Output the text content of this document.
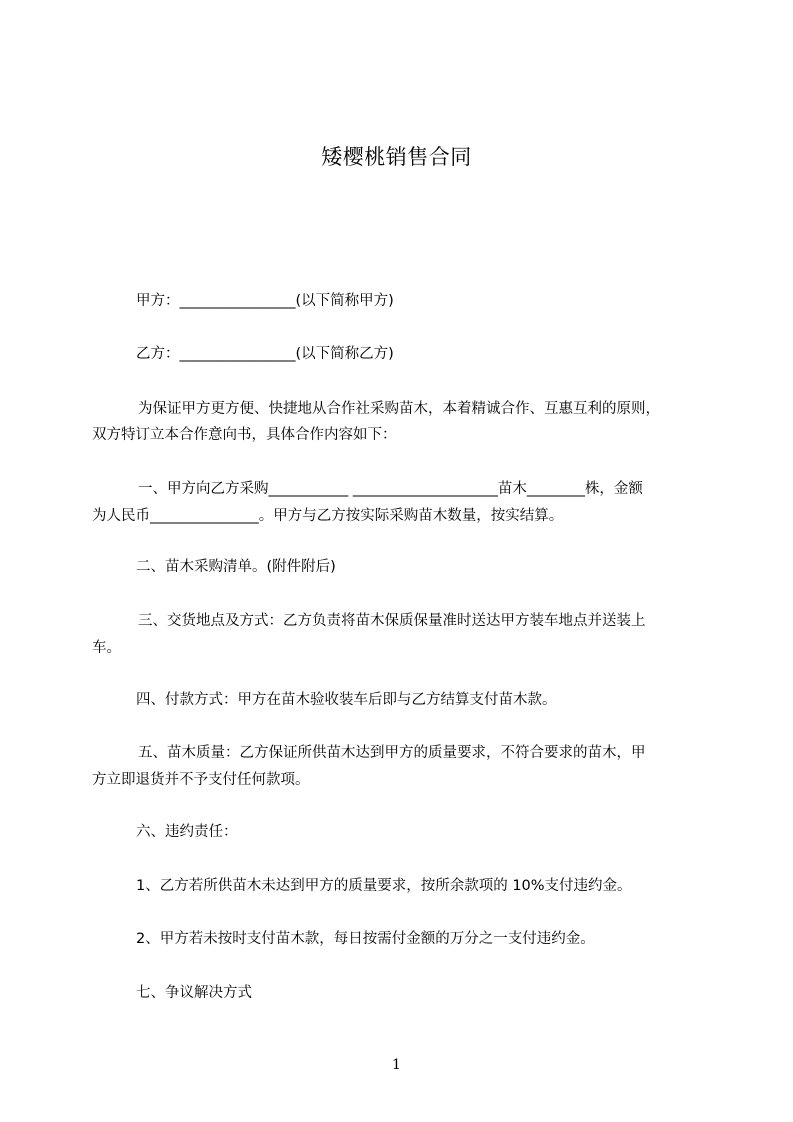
矮樱桃销售合同
甲方：________________(以下简称甲方)
乙方：________________(以下简称乙方)
为保证甲方更方便、快捷地从合作社采购苗木，本着精诚合作、互惠互利的原则，
双方特订立本合作意向书，具体合作内容如下：
一、甲方向乙方采购___________ ____________________苗木________株，金额
为人民币_______________。甲方与乙方按实际采购苗木数量，按实结算。
二、苗木采购清单。(附件附后)
三、交货地点及方式：乙方负责将苗木保质保量准时送达甲方装车地点并送装上
车。
四、付款方式：甲方在苗木验收装车后即与乙方结算支付苗木款。
五、苗木质量：乙方保证所供苗木达到甲方的质量要求，不符合要求的苗木，甲
方立即退货并不予支付任何款项。
六、违约责任：
1、乙方若所供苗木未达到甲方的质量要求，按所余款项的 10%支付违约金。
2、甲方若未按时支付苗木款，每日按需付金额的万分之一支付违约金。
七、争议解决方式
1
